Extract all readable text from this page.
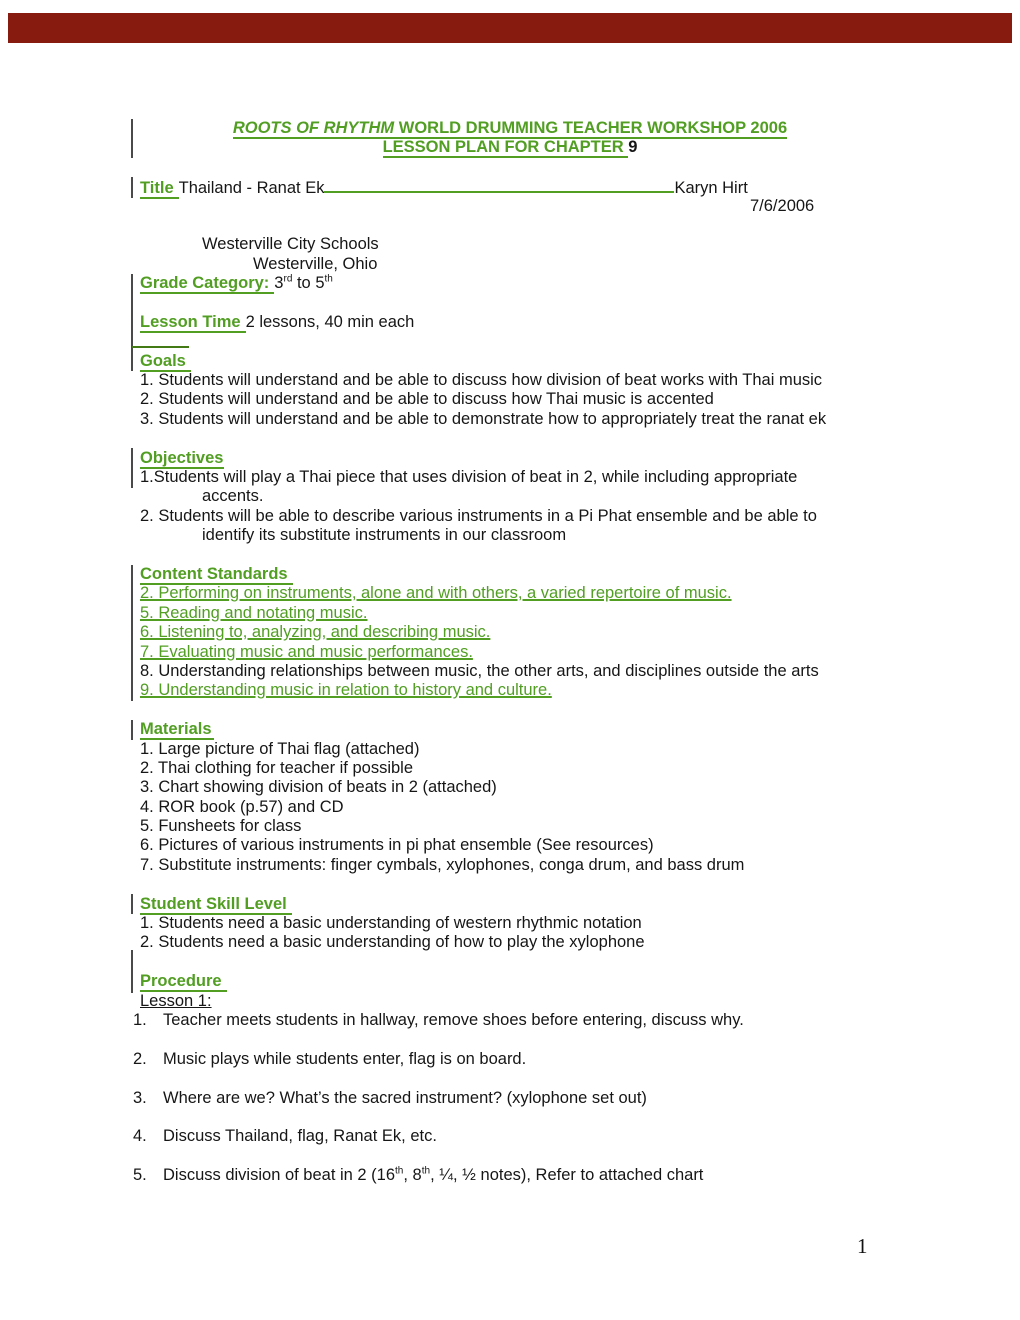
ROOTS OF RHYTHM WORLD DRUMMING TEACHER WORKSHOP 2006
LESSON PLAN FOR CHAPTER 9
Title Thailand - Ranat Ek	Karyn Hirt
7/6/2006
Westerville City Schools
Westerville, Ohio
Grade Category: 3rd to 5th
Lesson Time 2 lessons, 40 min each
Goals
1. Students will understand and be able to discuss how division of beat works with Thai music
2. Students will understand and be able to discuss how Thai music is accented
3. Students will understand and be able to demonstrate how to appropriately treat the ranat ek
Objectives
1.Students will play a Thai piece that uses division of beat in 2, while including appropriate
accents.
2. Students will be able to describe various instruments in a Pi Phat ensemble and be able to
identify its substitute instruments in our classroom
Content Standards
2. Performing on instruments, alone and with others, a varied repertoire of music.
5. Reading and notating music.
6. Listening to, analyzing, and describing music.
7. Evaluating music and music performances.
8. Understanding relationships between music, the other arts, and disciplines outside the arts
9. Understanding music in relation to history and culture.
Materials
1. Large picture of Thai flag (attached)
2. Thai clothing for teacher if possible
3. Chart showing division of beats in 2 (attached)
4. ROR book (p.57) and CD
5. Funsheets for class
6. Pictures of various instruments in pi phat ensemble (See resources)
7. Substitute instruments: finger cymbals, xylophones, conga drum, and bass drum
Student Skill Level
1. Students need a basic understanding of western rhythmic notation
2. Students need a basic understanding of how to play the xylophone
Procedure
Lesson 1:
1. Teacher meets students in hallway, remove shoes before entering, discuss why.
2. Music plays while students enter, flag is on board.
3. Where are we? What’s the sacred instrument? (xylophone set out)
4. Discuss Thailand, flag, Ranat Ek, etc.
5. Discuss division of beat in 2 (16th, 8th, ¼, ½ notes), Refer to attached chart
1
